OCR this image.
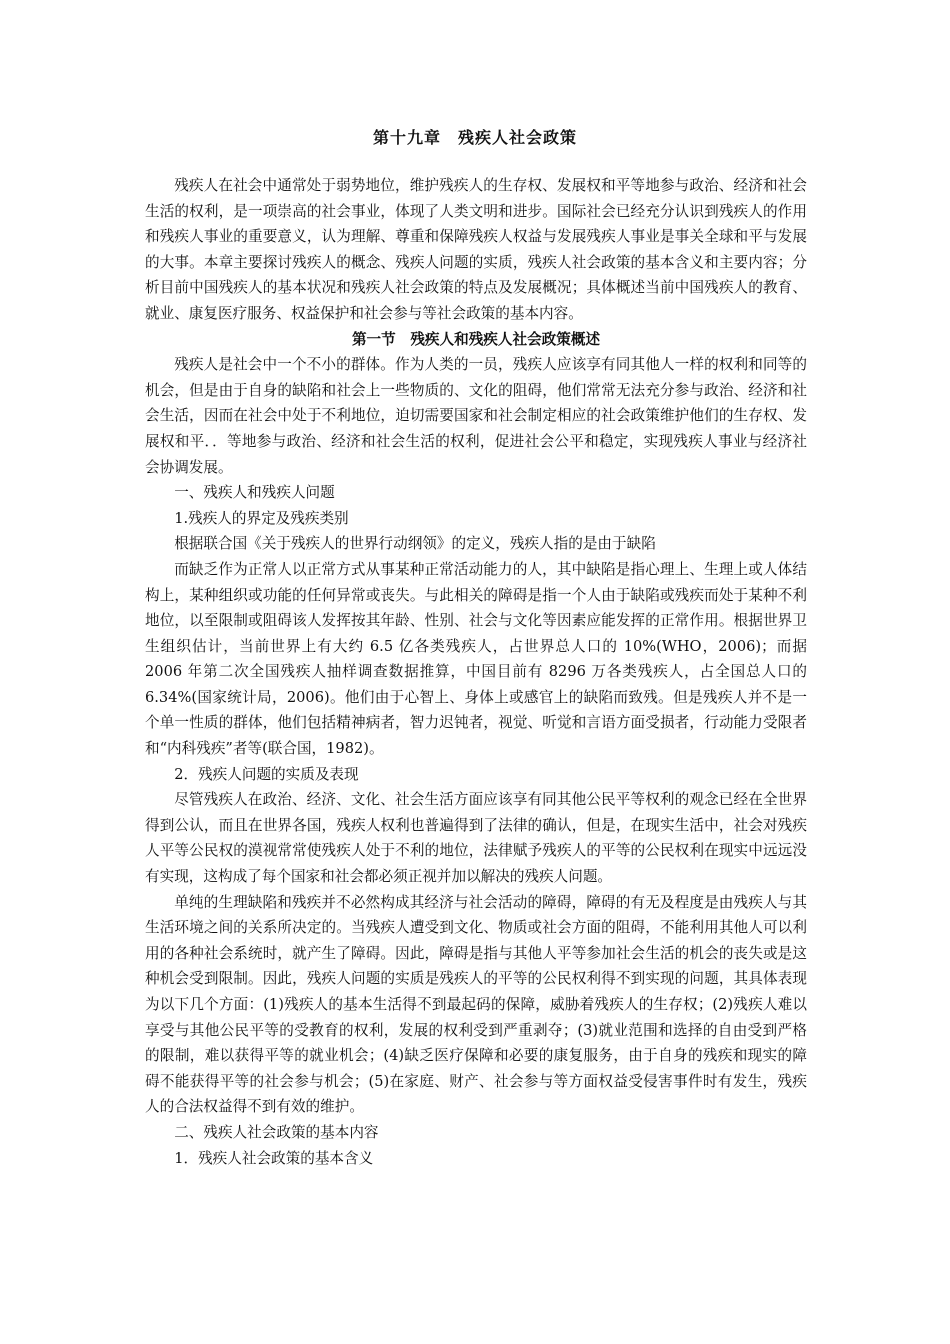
第十九章　残疾人社会政策

残疾人在社会中通常处于弱势地位，维护残疾人的生存权、发展权和平等地参与政治、经济和社会生活的权利，是一项崇高的社会事业，体现了人类文明和进步。国际社会已经充分认识到残疾人的作用和残疾人事业的重要意义，认为理解、尊重和保障残疾人权益与发展残疾人事业是事关全球和平与发展的大事。本章主要探讨残疾人的概念、残疾人问题的实质，残疾人社会政策的基本含义和主要内容；分析目前中国残疾人的基本状况和残疾人社会政策的特点及发展概况；具体概述当前中国残疾人的教育、就业、康复医疗服务、权益保护和社会参与等社会政策的基本内容。

第一节　残疾人和残疾人社会政策概述

残疾人是社会中一个不小的群体。作为人类的一员，残疾人应该享有同其他人一样的权利和同等的机会，但是由于自身的缺陷和社会上一些物质的、文化的阻碍，他们常常无法充分参与政治、经济和社会生活，因而在社会中处于不利地位，迫切需要国家和社会制定相应的社会政策维护他们的生存权、发展权和平．．等地参与政治、经济和社会生活的权利，促进社会公平和稳定，实现残疾人事业与经济社会协调发展。

一、残疾人和残疾人问题

1.残疾人的界定及残疾类别

根据联合国《关于残疾人的世界行动纲领》的定义，残疾人指的是由于缺陷

而缺乏作为正常人以正常方式从事某种正常活动能力的人，其中缺陷是指心理上、生理上或人体结构上，某种组织或功能的任何异常或丧失。与此相关的障碍是指一个人由于缺陷或残疾而处于某种不利地位，以至限制或阻碍该人发挥按其年龄、性别、社会与文化等因素应能发挥的正常作用。根据世界卫生组织估计，当前世界上有大约 6.5 亿各类残疾人，占世界总人口的 10%(WHO，2006)；而据 2006 年第二次全国残疾人抽样调查数据推算，中国目前有 8296 万各类残疾人，占全国总人口的 6.34%(国家统计局，2006)。他们由于心智上、身体上或感官上的缺陷而致残。但是残疾人并不是一个单一性质的群体，他们包括精神病者，智力迟钝者，视觉、听觉和言语方面受损者，行动能力受限者和“内科残疾”者等(联合国，1982)。

2．残疾人问题的实质及表现

尽管残疾人在政治、经济、文化、社会生活方面应该享有同其他公民平等权利的观念已经在全世界得到公认，而且在世界各国，残疾人权利也普遍得到了法律的确认，但是，在现实生活中，社会对残疾人平等公民权的漠视常常使残疾人处于不利的地位，法律赋予残疾人的平等的公民权利在现实中远远没有实现，这构成了每个国家和社会都必须正视并加以解决的残疾人问题。

单纯的生理缺陷和残疾并不必然构成其经济与社会活动的障碍，障碍的有无及程度是由残疾人与其生活环境之间的关系所决定的。当残疾人遭受到文化、物质或社会方面的阻碍，不能利用其他人可以利用的各种社会系统时，就产生了障碍。因此，障碍是指与其他人平等参加社会生活的机会的丧失或是这种机会受到限制。因此，残疾人问题的实质是残疾人的平等的公民权利得不到实现的问题，其具体表现为以下几个方面：(1)残疾人的基本生活得不到最起码的保障，威胁着残疾人的生存权；(2)残疾人难以享受与其他公民平等的受教育的权利，发展的权利受到严重剥夺；(3)就业范围和选择的自由受到严格的限制，难以获得平等的就业机会；(4)缺乏医疗保障和必要的康复服务，由于自身的残疾和现实的障碍不能获得平等的社会参与机会；(5)在家庭、财产、社会参与等方面权益受侵害事件时有发生，残疾人的合法权益得不到有效的维护。

二、残疾人社会政策的基本内容

1．残疾人社会政策的基本含义
